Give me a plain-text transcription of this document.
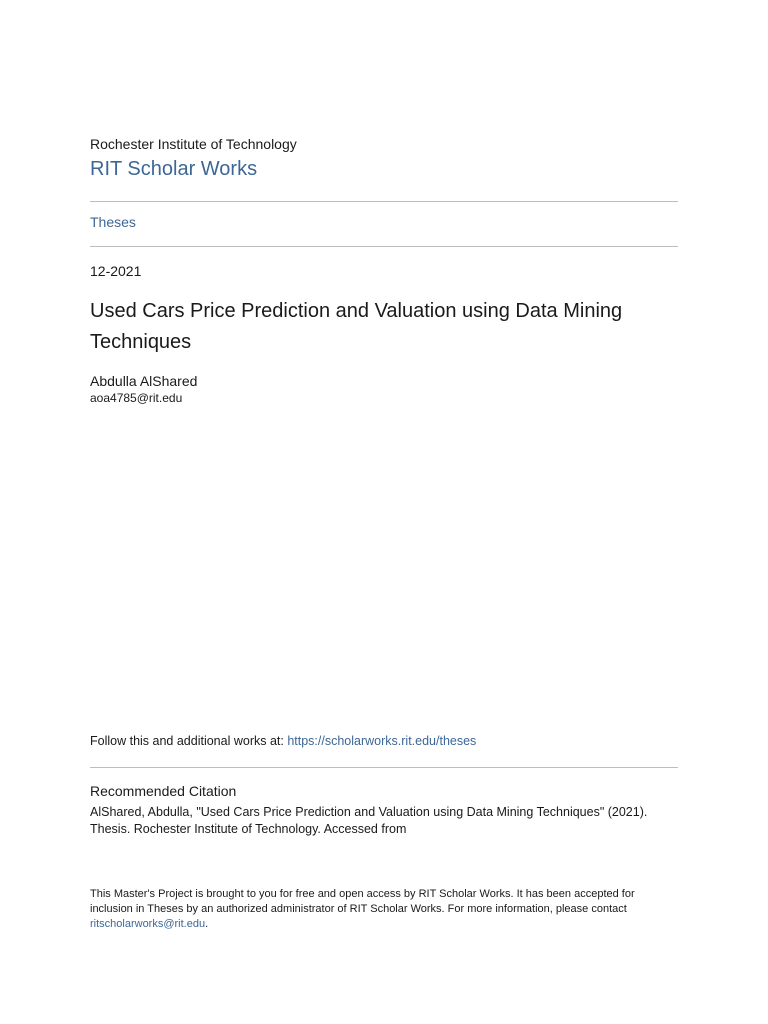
Rochester Institute of Technology

RIT Scholar Works
Theses

12-2021

Used Cars Price Prediction and Valuation using Data Mining Techniques

Abdulla AlShared

aoa4785@rit.edu

Follow this and additional works at: https://scholarworks.rit.edu/theses

Recommended Citation

AlShared, Abdulla, "Used Cars Price Prediction and Valuation using Data Mining Techniques" (2021).
Thesis. Rochester Institute of Technology. Accessed from

This Master's Project is brought to you for free and open access by RIT Scholar Works. It has been accepted for
inclusion in Theses by an authorized administrator of RIT Scholar Works. For more information, please contact
ritscholarworks@rit.edu.
